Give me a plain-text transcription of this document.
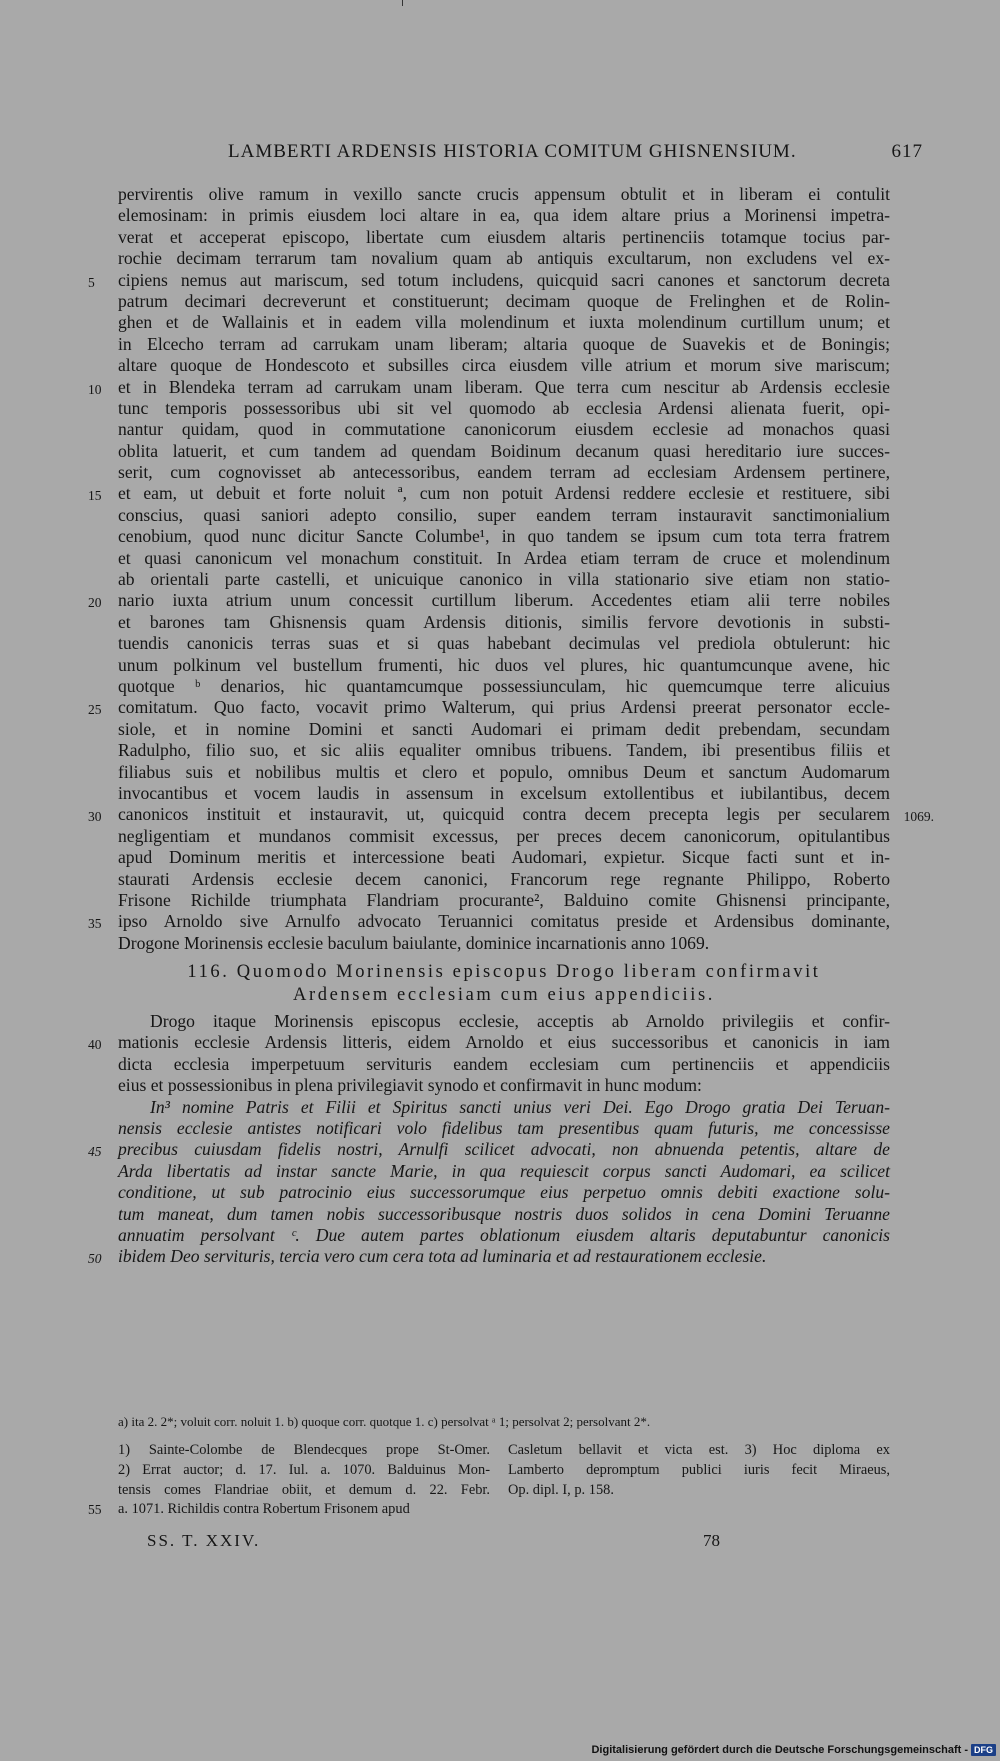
LAMBERTI ARDENSIS HISTORIA COMITUM GHISNENSIUM.	617
pervirentis olive ramum in vexillo sancte crucis appensum obtulit et in liberam ei contulit
elemosinam: in primis eiusdem loci altare in ea, qua idem altare prius a Morinensi impetra-
verat et acceperat episcopo, libertate cum eiusdem altaris pertinenciis totamque tocius par-
rochie decimam terrarum tam novalium quam ab antiquis excultarum, non excludens vel ex-
5	cipiens nemus aut mariscum, sed totum includens, quicquid sacri canones et sanctorum decreta
patrum decimari decreverunt et constituerunt; decimam quoque de Frelinghen et de Rolin-
ghen et de Wallainis et in eadem villa molendinum et iuxta molendinum curtillum unum; et
in Elcecho terram ad carrukam unam liberam; altaria quoque de Suavekis et de Boningis;
altare quoque de Hondescoto et subsilles circa eiusdem ville atrium et morum sive mariscum;
10 et in Blendeka terram ad carrukam unam liberam. Que terra cum nescitur ab Ardensis ecclesie
tunc temporis possessoribus ubi sit vel quomodo ab ecclesia Ardensi alienata fuerit, opi-
nantur quidam, quod in commutatione canonicorum eiusdem ecclesie ad monachos quasi
oblita latuerit, et cum tandem ad quendam Boidinum decanum quasi hereditario iure succes-
serit, cum cognovisset ab antecessoribus, eandem terram ad ecclesiam Ardensem pertinere,
15 et eam, ut debuit et forte noluit ª, cum non potuit Ardensi reddere ecclesie et restituere, sibi
conscius, quasi saniori adepto consilio, super eandem terram instauravit sanctimonialium
cenobium, quod nunc dicitur Sancte Columbe¹, in quo tandem se ipsum cum tota terra fratrem
et quasi canonicum vel monachum constituit. In Ardea etiam terram de cruce et molendinum
ab orientali parte castelli, et unicuique canonico in villa stationario sive etiam non statio-
20 nario iuxta atrium unum concessit curtillum liberum. Accedentes etiam alii terre nobiles
et barones tam Ghisnensis quam Ardensis ditionis, similis fervore devotionis in substi-
tuendis canonicis terras suas et si quas habebant decimulas vel prediola obtulerunt: hic
unum polkinum vel bustellum frumenti, hic duos vel plures, hic quantumcunque avene, hic
quotque ᵇ denarios, hic quantamcumque possessiunculam, hic quemcumque terre alicuius
25 comitatum. Quo facto, vocavit primo Walterum, qui prius Ardensi preerat personator eccle-
siole, et in nomine Domini et sancti Audomari ei primam dedit prebendam, secundam
Radulpho, filio suo, et sic aliis equaliter omnibus tribuens. Tandem, ibi presentibus filiis et
filiabus suis et nobilibus multis et clero et populo, omnibus Deum et sanctum Audomarum
invocantibus et vocem laudis in assensum in excelsum extollentibus et iubilantibus, decem
30 canonicos instituit et instauravit, ut, quicquid contra decem precepta legis per secularem 1069.
negligentiam et mundanos commisit excessus, per preces decem canonicorum, opitulantibus
apud Dominum meritis et intercessione beati Audomari, expietur. Sicque facti sunt et in-
staurati Ardensis ecclesie decem canonici, Francorum rege regnante Philippo, Roberto
Frisone Richilde triumphata Flandriam procurante², Balduino comite Ghisnensi principante,
35 ipso Arnoldo sive Arnulfo advocato Teruannici comitatus preside et Ardensibus dominante,
Drogone Morinensis ecclesie baculum baiulante, dominice incarnationis anno 1069.
116. Quomodo Morinensis episcopus Drogo liberam confirmavit
Ardensem ecclesiam cum eius appendiciis.
Drogo itaque Morinensis episcopus ecclesie, acceptis ab Arnoldo privilegiis et confir-
40 mationis ecclesie Ardensis litteris, eidem Arnoldo et eius successoribus et canonicis in iam
dicta ecclesia imperpetuum servituris eandem ecclesiam cum pertinenciis et appendiciis
eius et possessionibus in plena privilegiavit synodo et confirmavit in hunc modum:
In³ nomine Patris et Filii et Spiritus sancti unius veri Dei. Ego Drogo gratia Dei Teruan-
nensis ecclesie antistes notificari volo fidelibus tam presentibus quam futuris, me concessisse
45 precibus cuiusdam fidelis nostri, Arnulfi scilicet advocati, non abnuenda petentis, altare de
Arda libertatis ad instar sancte Marie, in qua requiescit corpus sancti Audomari, ea scilicet
conditione, ut sub patrocinio eius successorumque eius perpetuo omnis debiti exactione solu-
tum maneat, dum tamen nobis successoribusque nostris duos solidos in cena Domini Teruanne
annuatim persolvant ᶜ. Due autem partes oblationum eiusdem altaris deputabuntur canonicis
50 ibidem Deo servituris, tercia vero cum cera tota ad luminaria et ad restaurationem ecclesie.
a) ita 2. 2*; voluit corr. noluit 1. b) quoque corr. quotque 1. c) persolvat ᵃ 1; persolvat 2; persolvant 2*.
1) Sainte-Colombe de Blendecques prope St-Omer.
2) Errat auctor; d. 17. Iul. a. 1070. Balduinus Mon-
tensis comes Flandriae obiit, et demum d. 22. Febr.
55	a. 1071. Richildis contra Robertum Frisonem apud
Casletum bellavit et victa est. 3) Hoc diploma ex
Lamberto depromptum publici iuris fecit Miraeus,
Op. dipl. I, p. 158.
SS. T. XXIV.	78
Digitalisierung gefördert durch die Deutsche Forschungsgemeinschaft - DFG
